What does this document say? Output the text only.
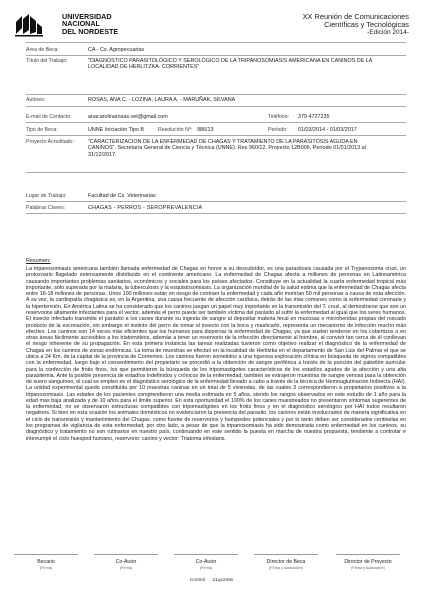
UNIVERSIDAD
NACIONAL
DEL NORDESTE
XX Reunión de Comunicaciones
Científicas y Tecnológicas
-Edición 2014-
Area de Beca:	CA - Cs. Agropecuarias
Título del Trabajo:	"DIAGNOSTICO PARASITOLÓGICO Y SEROLÓGICO DE LA TRIPANOSOMIASIS AMERICANA EN CANINOS DE LA LOCALIDAD DE HERLITZKA- CORRIENTES"
Autores:	ROSAS, ANA C. - LOZINA, LAURA A. - MARUÑAK, SILVANA
E-mail de Contacto:	anacarolinarosas.vet@gmail.com	Teléfono: 379 4727235
Tipo de Beca:	UNNE Iniciación Tipo B	Resolución Nº: 986/13	Período: 01/03/2014 - 01/03/2017
Proyecto Acreditado:	"CARACTERIZACION DE LA ENFERMEDAD DE CHAGAS Y TRATAMIENTO DE LA PARASITOSIS AGUDA EN CANINOS". Secretaría General de Ciencia y Técnica (UNNE). Res 960/12. Proyecto 12B006. Período 01/01/2013 al 31/12/2017.
Lugar de Trabajo:	Facultad de Cs. Veterinarias
Palabras Claves:	CHAGAS - PERROS - SEROPREVALENCIA
Resumen:
La tripanosomiasis americana también llamada enfermedad de Chagas en honor a su descubridor, es una parasitosis causada por el Trypanosoma cruzi, un protozoario flagelado extensamente distribuido en el continente americano. La enfermedad de Chagas afecta a millones de personas en Latinoamérica causando importantes problemas sanitarios, económicos y sociales para los países afectados. Constituye en la actualidad la cuarta enfermedad tropical más importante, sólo superada por la malaria, la tuberculosis y la esquistosomiasis. La organización mundial de la salud estima que la enfermedad de Chagas afecta entre 16-18 millones de personas. Unos 100 millones están en riesgo de contraer la enfermedad y cada año morirían 50 mil personas a causa de esta afección. A su vez, la cardiopatía chagásica es, en la Argentina, una causa frecuente de afección cardíaca, detrás de las más comunes como la enfermedad coronaria y la hipertensión. En América Latina se ha considerado que los caninos juegan un papel muy importante en la transmisión del T. cruzi, al demostrarse que son un reservorios altamente infectantes para el vector, además el perro puede ser también víctima del parásito al sufrir la enfermedad al igual que los seres humanos. El insecto infectado transmite el parásito a los canes durante su ingesta de sangre al depositar materia fecal en mucosas o microheridas propias del roscado producto de la excoriación, sin embargo el instinto del perro de tomar el insecto con la boca y masticarlo, representa un mecanismo de infección mucho más efectivo. Los caninos son 14 veces más eficientes que los humanos para dispersar la enfermedad de Chagas, ya que suelen tenderse en los cobertizos o en otras áreas fácilmente accesibles a los triatomideos, además a tener un reservorio de la infección directamente al hombre, al convivir tan cerca de él conllevan el riesgo inherente de su propagación. En esta primera instancia las tareas realizadas tuvieron como objetivo realizar el diagnóstico de la enfermedad de Chagas en los caninos de zonas endémicas. La toma de muestras se efectuó en la localidad de Herlitzka en el departamento de San Luis del Palmar el que se ubica a 24 Km. de la capital de la provincia de Corrientes. Los caninos fueron sometidos a una rigurosa exploración clínica en búsqueda de signos compatibles con la enfermedad, luego bajo el consentimiento del propietario se procedió a la obtención de sangre periférica a través de la punción del pabellón auricular para la confección de frotis finos, los que permitieron la búsqueda de los tripomastigotes característicos de los estadíos agudos de la afección y una alta parasitemia. Ante la posible presencia de estadíos indefinidos y crónicos de la enfermedad, también se extrajeron muestras de sangre venosa para la obtención de suero sanguíneo, el cual se empleo en el diagnóstico serológico de la enfermedad llevado a cabo a través de la técnica de Hemoaglutinacion Indirecta (HAI). La unidad experimental quedo constituida por 10 muestras caninas en un total de 5 viviendas, de las cuales 3 correspondieron a propietarios positivos a la tripanosomiasis. Las edades de los pacientes comprendieron una media estimada en 5 años, siendo los rangos observados en este estudio de 1 año para la edad mas baja analizada y de 10 años para el límite superior. En esta oportunidad el 100% de los canes muestreados no presentaron síntomas sugerentes de la enfermedad, no se observaron estructuras compatibles con tripomastigotes en los frotis finos y en el diagnóstico serológico por HAI todos resultaron negativos. Si bien en esta ocasión los animales domésticos no evidenciaron la presencia del parasito, los caninos están involucrados de manera significativa en el ciclo de transmisión y mantenimiento del Chagas, como fuente de reservorios y huéspedes potenciales y por lo tanto deben ser considerados centinelas en los programas de vigilancia de esta enfermedad; por otro lado, a pesar de que la tripanosomiasis ha sido demostrada como enfermedad en los caninos, su diagnóstico y tratamiento no son rutinarios en nuestro país, continuando en este sentido la puesta en marcha de nuestra propuesta, tendiente a controlar e interrumpir el ciclo huesped:humano, reservorio: canino y vector: Triatoma infestans.
Becario
(Firma)
Co-Autor
(Firma)
Co-Autor
(Firma)
Director de Beca
(Firma y Aclaración)
Director de Proyecto
(Firma y Aclaración)
Control 21qx2n8s
